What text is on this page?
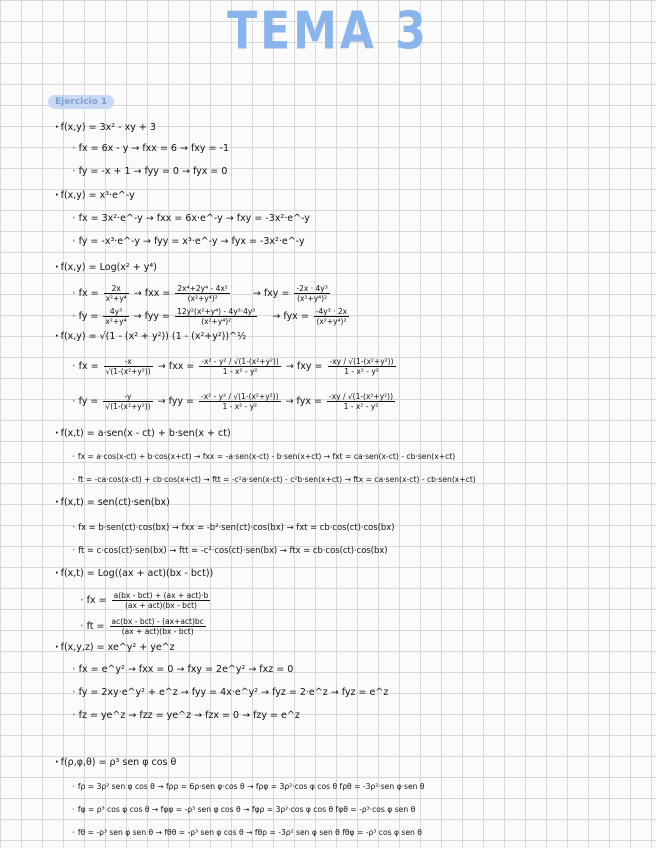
TEMA 3
Ejercicio 1
· f(x,y) = 3x² - xy + 3
· fx = 6x - y → fxx = 6 → fxy = -1
· fy = -x + 1 → fyy = 0 → fyx = 0
· f(x,y) = x³·e^-y
· fx = 3x²·e^-y → fxx = 6x·e^-y → fxy = -3x²·e^-y
· fy = -x³·e^-y → fyy = x³·e^-y → fyx = -3x²·e^-y
· f(x,y) = Log(x² + y⁴)
· fx = $\frac{2x}{\text{x²+y⁴}}$ → fxx = $\frac{\text{2x⁴+2y⁴ - 4x²}}{\text{(x²+y⁴)²}}$ → fxy = $\frac{\text{-2x · 4y³}}{\text{(x²+y⁴)²}}$
· fy = $\frac{\text{4y³}}{\text{x²+y⁴}}$ → fyy = $\frac{\text{12y²(x²+y⁴) - 4y³·4y³}}{\text{(x²+y⁴)²}}$ → fyx = $\frac{\text{-4y³ · 2x}}{\text{(x²+y⁴)²}}$
· f(x,y) = √(1 - (x² + y²)) (1 - (x²+y²))^½
· fx = $\frac{-x}{\text{√(1-(x²+y²))}}$ → fxx = $\frac{\text{-x² - y² / √(1-(x²+y²))}}{\text{1 - x² - y²}}$ → fxy = $\frac{\text{-xy / √(1-(x²+y²))}}{\text{1 - x² - y²}}$
· fy = $\frac{-y}{\text{√(1-(x²+y²))}}$ → fyy = $\frac{\text{-x² - y² / √(1-(x²+y²))}}{\text{1 - x² - y²}}$ → fyx = $\frac{\text{-xy / √(1-(x²+y²))}}{\text{1 - x² - y²}}$
· f(x,t) = a·sen(x - ct) + b·sen(x + ct)
· fx = a·cos(x-ct) + b·cos(x+ct) → fxx = -a·sen(x-ct) - b·sen(x+ct) → fxt = ca·sen(x-ct) - cb·sen(x+ct)
· ft = -ca·cos(x-ct) + cb·cos(x+ct) → ftt = -c²a·sen(x-ct) - c²b·sen(x+ct) → ftx = ca·sen(x-ct) - cb·sen(x+ct)
· f(x,t) = sen(ct)·sen(bx)
· fx = b·sen(ct)·cos(bx) → fxx = -b²·sen(ct)·cos(bx) → fxt = cb·cos(ct)·cos(bx)
· ft = c·cos(ct)·sen(bx) → ftt = -c²·cos(ct)·sen(bx) → ftx = cb·cos(ct)·cos(bx)
· f(x,t) = Log((ax + act)(bx - bct))
· fx = $\frac{\text{a(bx - bct) + (ax + act)·b}}{\text{(ax + act)(bx - bct)}}$
· ft = $\frac{\text{ac(bx - bct) - (ax+act)bc}}{\text{(ax + act)(bx - bct)}}$
· f(x,y,z) = xe^y² + ye^z
· fx = e^y² → fxx = 0 → fxy = 2e^y² → fxz = 0
· fy = 2xy·e^y² + e^z → fyy = 4x·e^y² → fyz = 2·e^z → fyz = e^z
· fz = ye^z → fzz = ye^z → fzx = 0 → fzy = e^z
· f(ρ,φ,θ) = ρ³ sen φ cos θ
· fρ = 3ρ² sen φ cos θ → fρρ = 6ρ·sen φ·cos θ → fρφ = 3ρ²·cos φ cos θ fρθ = -3ρ²·sen φ·sen θ
· fφ = ρ³ cos φ cos θ → fφφ = -ρ³ sen φ cos θ → fφρ = 3ρ²·cos φ cos θ fφθ = -ρ³·cos φ sen θ
· fθ = -ρ³ sen φ sen θ → fθθ = -ρ³ sen φ cos θ → fθρ = -3ρ² sen φ sen θ fθφ = -ρ³ cos φ sen θ
